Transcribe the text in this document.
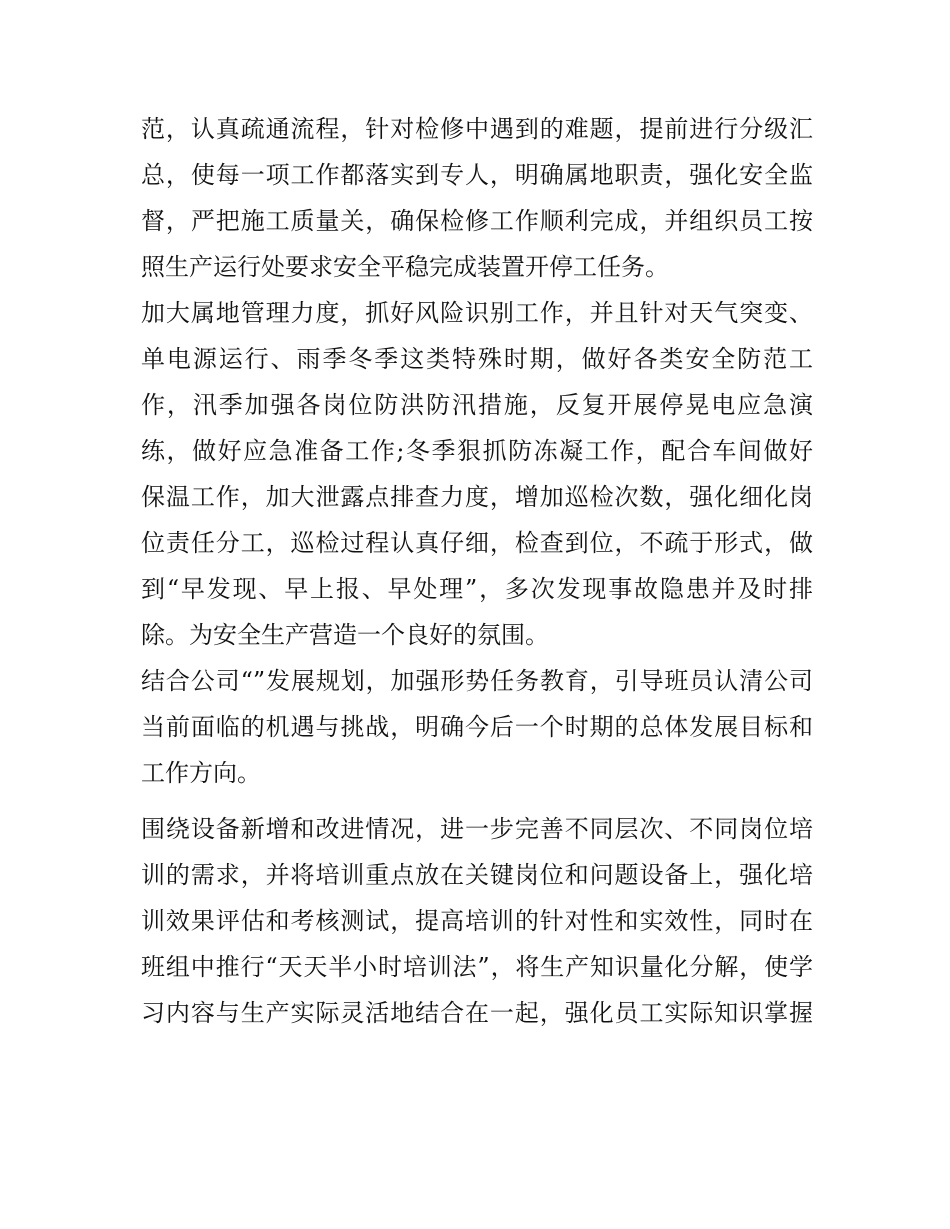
范，认真疏通流程，针对检修中遇到的难题，提前进行分级汇
总，使每一项工作都落实到专人，明确属地职责，强化安全监
督，严把施工质量关，确保检修工作顺利完成，并组织员工按
照生产运行处要求安全平稳完成装置开停工任务。
加大属地管理力度，抓好风险识别工作，并且针对天气突变、
单电源运行、雨季冬季这类特殊时期，做好各类安全防范工
作，汛季加强各岗位防洪防汛措施，反复开展停晃电应急演
练，做好应急准备工作;冬季狠抓防冻凝工作，配合车间做好
保温工作，加大泄露点排查力度，增加巡检次数，强化细化岗
位责任分工，巡检过程认真仔细，检查到位，不疏于形式，做
到“早发现、早上报、早处理”，多次发现事故隐患并及时排
除。为安全生产营造一个良好的氛围。
结合公司“”发展规划，加强形势任务教育，引导班员认清公司
当前面临的机遇与挑战，明确今后一个时期的总体发展目标和
工作方向。
围绕设备新增和改进情况，进一步完善不同层次、不同岗位培
训的需求，并将培训重点放在关键岗位和问题设备上，强化培
训效果评估和考核测试，提高培训的针对性和实效性，同时在
班组中推行“天天半小时培训法”，将生产知识量化分解，使学
习内容与生产实际灵活地结合在一起，强化员工实际知识掌握
